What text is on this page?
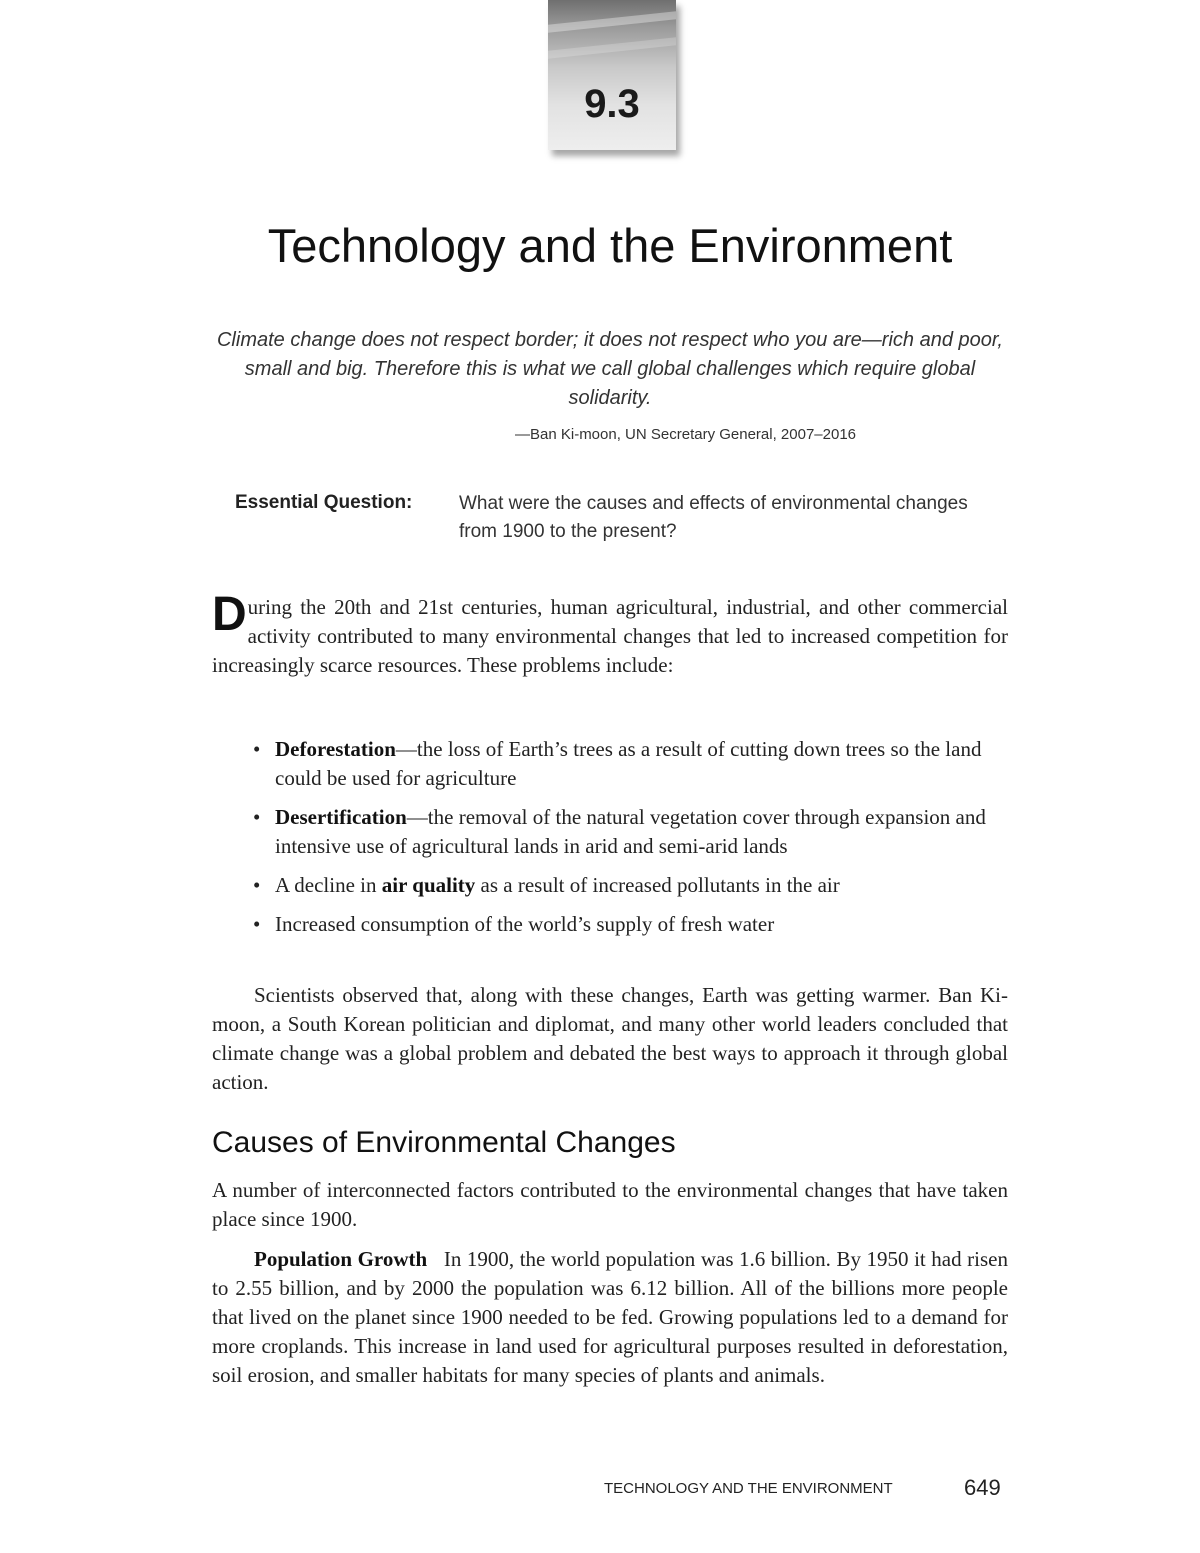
9.3
Technology and the Environment

Climate change does not respect border; it does not respect who you are—rich and poor, small and big. Therefore this is what we call global challenges which require global solidarity.

—Ban Ki-moon, UN Secretary General, 2007–2016

Essential Question: What were the causes and effects of environmental changes from 1900 to the present?

During the 20th and 21st centuries, human agricultural, industrial, and other commercial activity contributed to many environmental changes that led to increased competition for increasingly scarce resources. These problems include:

• Deforestation—the loss of Earth’s trees as a result of cutting down trees so the land could be used for agriculture
• Desertification—the removal of the natural vegetation cover through expansion and intensive use of agricultural lands in arid and semi-arid lands
• A decline in air quality as a result of increased pollutants in the air
• Increased consumption of the world’s supply of fresh water

Scientists observed that, along with these changes, Earth was getting warmer. Ban Ki-moon, a South Korean politician and diplomat, and many other world leaders concluded that climate change was a global problem and debated the best ways to approach it through global action.

Causes of Environmental Changes

A number of interconnected factors contributed to the environmental changes that have taken place since 1900.

Population Growth In 1900, the world population was 1.6 billion. By 1950 it had risen to 2.55 billion, and by 2000 the population was 6.12 billion. All of the billions more people that lived on the planet since 1900 needed to be fed. Growing populations led to a demand for more croplands. This increase in land used for agricultural purposes resulted in deforestation, soil erosion, and smaller habitats for many species of plants and animals.

TECHNOLOGY AND THE ENVIRONMENT	649
